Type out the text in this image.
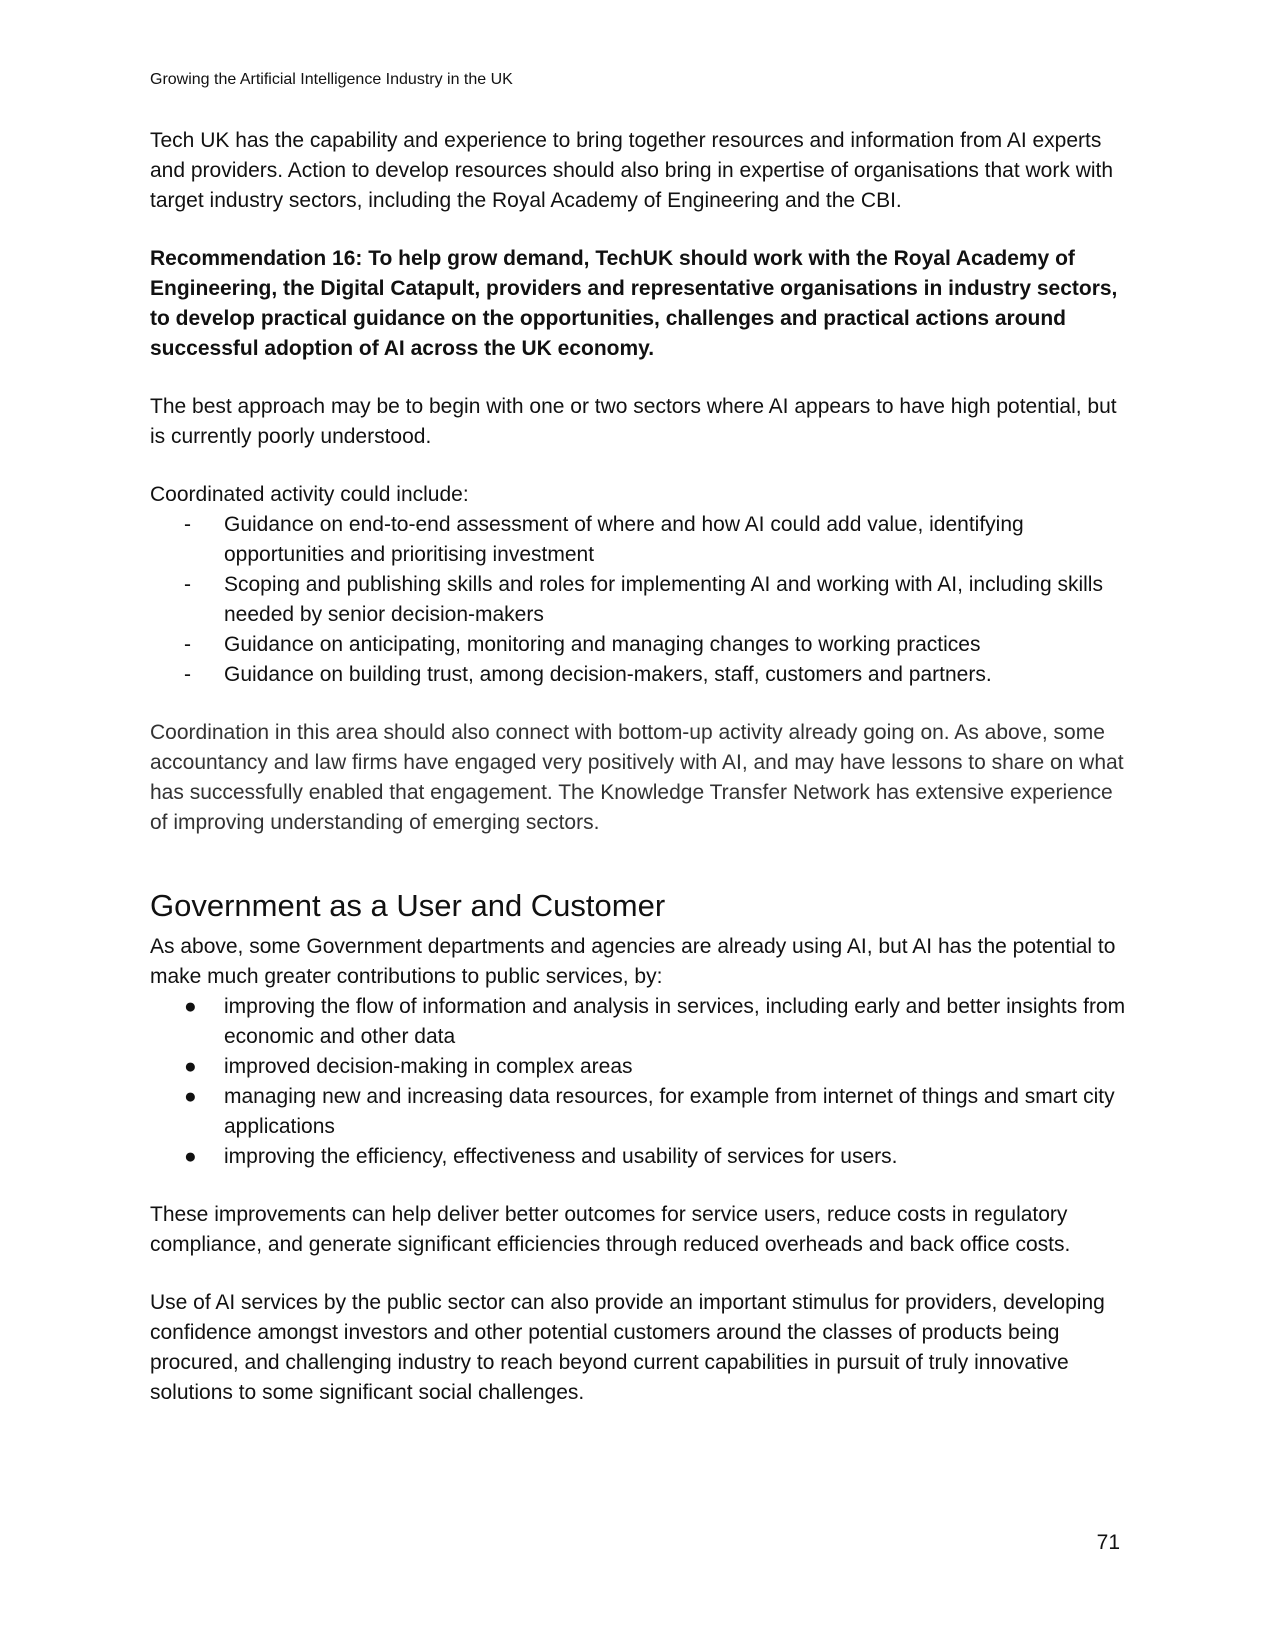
Growing the Artificial Intelligence Industry in the UK

Tech UK has the capability and experience to bring together resources and information from AI experts and providers. Action to develop resources should also bring in expertise of organisations that work with target industry sectors, including the Royal Academy of Engineering and the CBI.

Recommendation 16: To help grow demand, TechUK should work with the Royal Academy of Engineering, the Digital Catapult, providers and representative organisations in industry sectors, to develop practical guidance on the opportunities, challenges and practical actions around successful adoption of AI across the UK economy.

The best approach may be to begin with one or two sectors where AI appears to have high potential, but is currently poorly understood.

Coordinated activity could include:

-	Guidance on end-to-end assessment of where and how AI could add value, identifying opportunities and prioritising investment
-	Scoping and publishing skills and roles for implementing AI and working with AI, including skills needed by senior decision-makers
-	Guidance on anticipating, monitoring and managing changes to working practices
-	Guidance on building trust, among decision-makers, staff, customers and partners.

Coordination in this area should also connect with bottom-up activity already going on. As above, some accountancy and law firms have engaged very positively with AI, and may have lessons to share on what has successfully enabled that engagement. The Knowledge Transfer Network has extensive experience of improving understanding of emerging sectors.

Government as a User and Customer

As above, some Government departments and agencies are already using AI, but AI has the potential to make much greater contributions to public services, by:

●	improving the flow of information and analysis in services, including early and better insights from economic and other data
●	improved decision-making in complex areas
●	managing new and increasing data resources, for example from internet of things and smart city applications
●	improving the efficiency, effectiveness and usability of services for users.

These improvements can help deliver better outcomes for service users, reduce costs in regulatory compliance, and generate significant efficiencies through reduced overheads and back office costs.

Use of AI services by the public sector can also provide an important stimulus for providers, developing confidence amongst investors and other potential customers around the classes of products being procured, and challenging industry to reach beyond current capabilities in pursuit of truly innovative solutions to some significant social challenges.

71
